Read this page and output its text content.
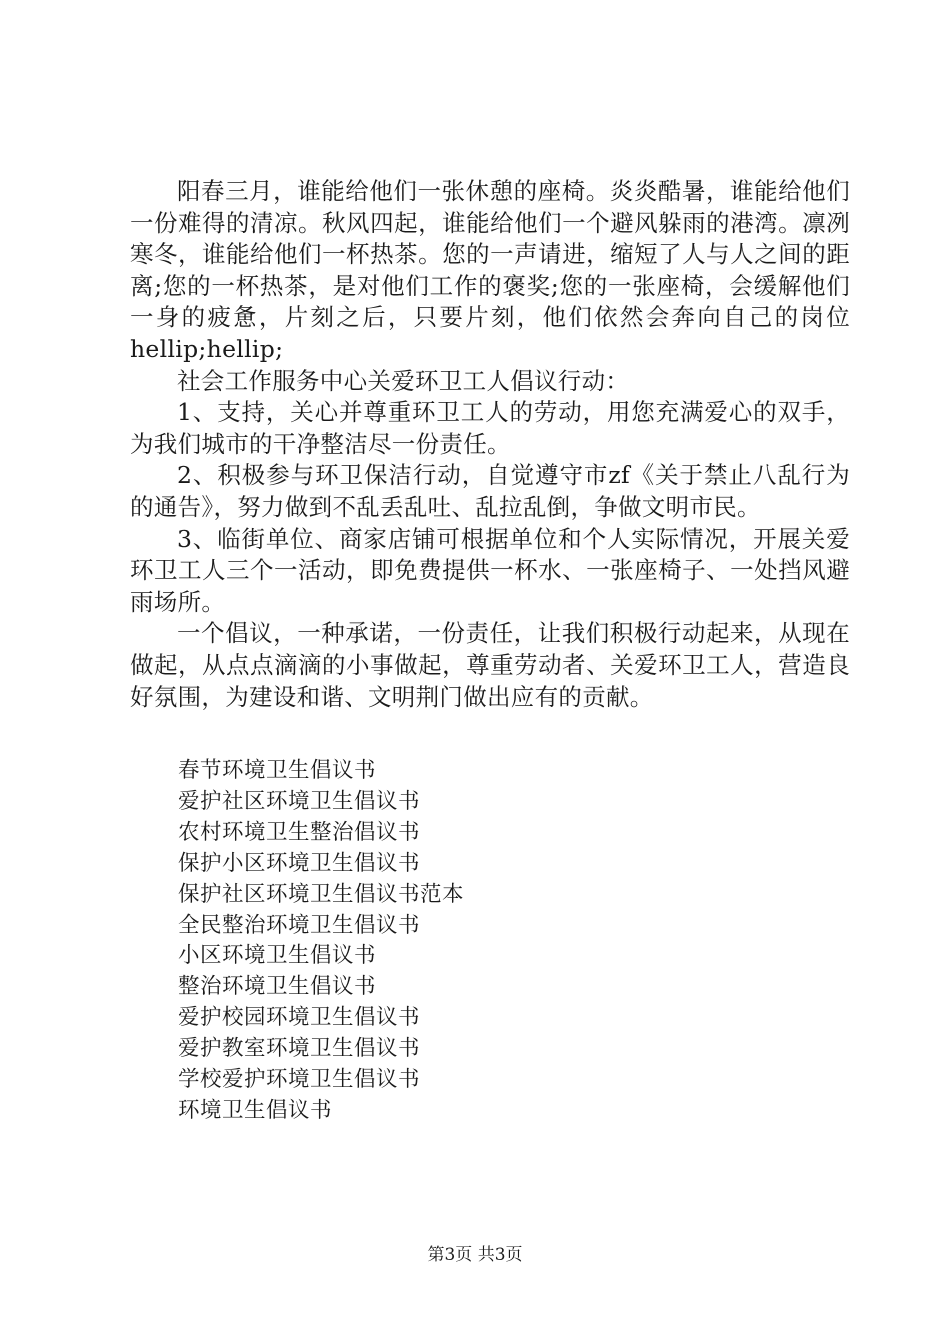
阳春三月，谁能给他们一张休憩的座椅。炎炎酷暑，谁能给他们一份难得的清凉。秋风四起，谁能给他们一个避风躲雨的港湾。凛冽寒冬，谁能给他们一杯热茶。您的一声请进，缩短了人与人之间的距离;您的一杯热茶，是对他们工作的褒奖;您的一张座椅，会缓解他们一身的疲惫，片刻之后，只要片刻，他们依然会奔向自己的岗位hellip;hellip;

社会工作服务中心关爱环卫工人倡议行动：

1、支持，关心并尊重环卫工人的劳动，用您充满爱心的双手，为我们城市的干净整洁尽一份责任。

2、积极参与环卫保洁行动，自觉遵守市zf《关于禁止八乱行为的通告》，努力做到不乱丢乱吐、乱拉乱倒，争做文明市民。

3、临街单位、商家店铺可根据单位和个人实际情况，开展关爱环卫工人三个一活动，即免费提供一杯水、一张座椅子、一处挡风避雨场所。

一个倡议，一种承诺，一份责任，让我们积极行动起来，从现在做起，从点点滴滴的小事做起，尊重劳动者、关爱环卫工人，营造良好氛围，为建设和谐、文明荆门做出应有的贡献。

春节环境卫生倡议书
爱护社区环境卫生倡议书
农村环境卫生整治倡议书
保护小区环境卫生倡议书
保护社区环境卫生倡议书范本
全民整治环境卫生倡议书
小区环境卫生倡议书
整治环境卫生倡议书
爱护校园环境卫生倡议书
爱护教室环境卫生倡议书
学校爱护环境卫生倡议书
环境卫生倡议书
第3页 共3页
